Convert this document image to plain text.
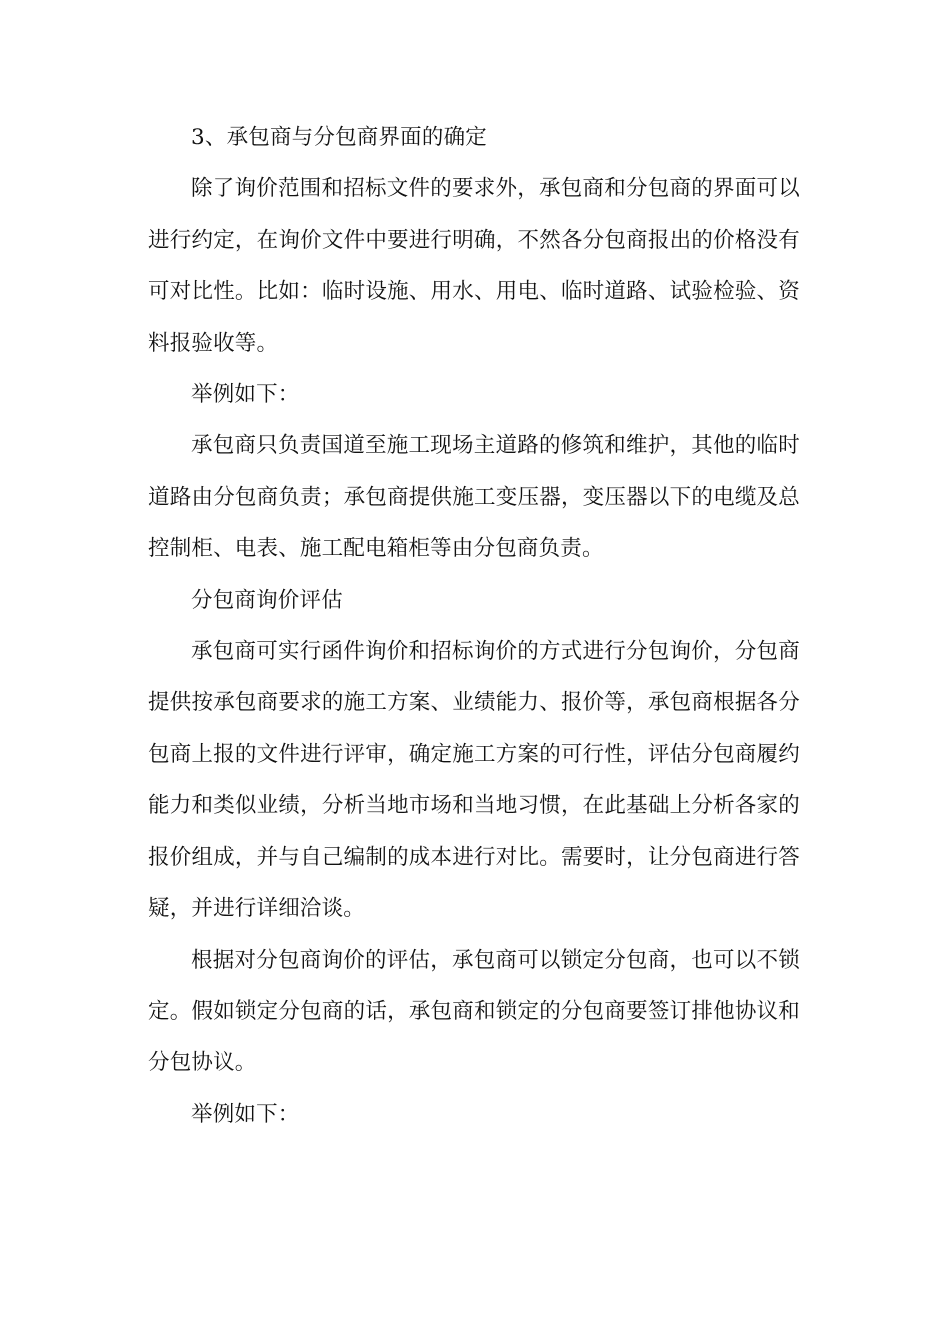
3、承包商与分包商界面的确定

除了询价范围和招标文件的要求外，承包商和分包商的界面可以进行约定，在询价文件中要进行明确，不然各分包商报出的价格没有可对比性。比如：临时设施、用水、用电、临时道路、试验检验、资料报验收等。

举例如下：

承包商只负责国道至施工现场主道路的修筑和维护，其他的临时道路由分包商负责；承包商提供施工变压器，变压器以下的电缆及总控制柜、电表、施工配电箱柜等由分包商负责。

分包商询价评估

承包商可实行函件询价和招标询价的方式进行分包询价，分包商提供按承包商要求的施工方案、业绩能力、报价等，承包商根据各分包商上报的文件进行评审，确定施工方案的可行性，评估分包商履约能力和类似业绩，分析当地市场和当地习惯，在此基础上分析各家的报价组成，并与自己编制的成本进行对比。需要时，让分包商进行答疑，并进行详细洽谈。

根据对分包商询价的评估，承包商可以锁定分包商，也可以不锁定。假如锁定分包商的话，承包商和锁定的分包商要签订排他协议和分包协议。

举例如下：
